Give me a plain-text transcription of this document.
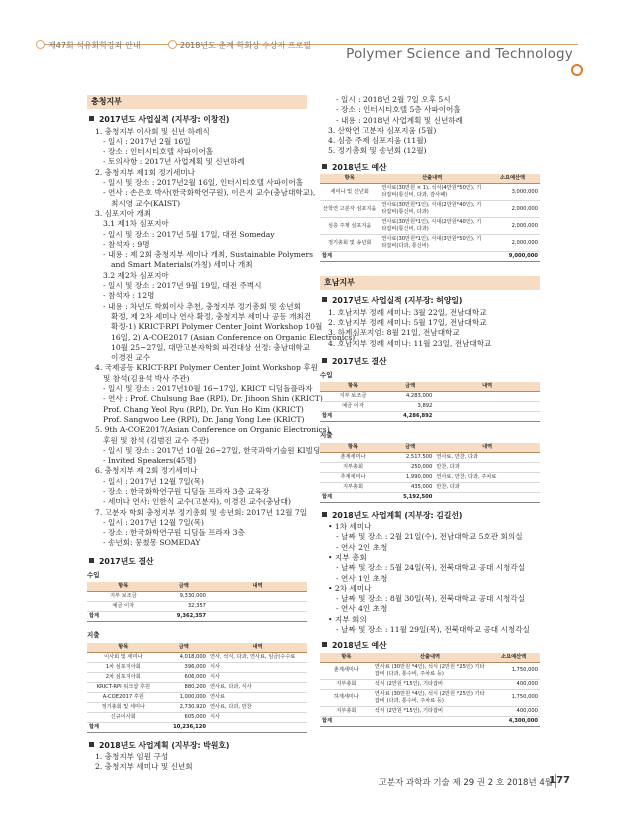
제47회 석유화학강좌 안내	2018년도 춘계 학회상 수상자 프로필
Polymer Science and Technology
충청지부
2017년도 사업실적 (지부장: 이창진)
1. 충청지부 이사회 및 신년 하례식
- 일시 : 2017년 2월 16일
- 장소 : 인터시티호텔 사파이어홀
- 토의사항 : 2017년 사업계획 및 신년하례
2. 충청지부 제1회 정기세미나
- 일시 및 장소 : 2017년2월 16일, 인터시티호텔 사파이어홀
- 연사 : 손은호 박사(한국화학연구원), 이은지 교수(충남대학교),
최시영 교수(KAIST)
3. 심포지아 개최
3.1 제1차 심포지아
- 일시 및 장소 : 2017년 5월 17일, 대전 Someday
- 참석자 : 9명
- 내용 : 제 2회 충청지부 세미나 개최, Sustainable Polymers
and Smart Materials(가칭) 세미나 개최
3.2 제2차 심포지아
- 일시 및 장소 : 2017년 9월 19일, 대전 주벽시
- 참석자 : 12명
- 내용 : 차년도 학회이사 추천, 충청지부 정기총회 및 송년회
확정, 제 2차 세미나 연사 확정, 충청지부 세미나 공동 개최건
확정-1) KRICT-RPI Polymer Center Joint Workshop 10월
16일, 2) A-COE2017 (Asian Conference on Organic Electronics)
10월 25~27일, 대만고분자학회 파견대상 선정: 충남대학교
이경진 교수
4. 국제공동 KRICT-RPI Polymer Center Joint Workshop 후원
및 참석(김용석 박사 주관)
- 일시 및 장소 : 2017년10월 16~17일, KRICT 디딤돌플라자
- 연사 : Prof. Chulsung Bae (RPI), Dr. Jihoon Shin (KRICT)
Prof. Chang Yeol Ryu (RPI), Dr. Yun Ho Kim (KRICT)
Prof. Sangwoo Lee (RPI), Dr. Jang Yong Lee (KRICT)
5. 9th A-COE2017(Asian Conference on Organic Electronics)
후원 및 참석 (김범진 교수 주관)
- 일시 및 장소 : 2017년 10월 26~27일, 한국과학기술원 KI빌딩
- Invited Speakers(45명)
6. 충청지부 제 2회 정기세미나
- 일시 : 2017년 12월 7일(목)
- 장소 : 한국화학연구원 디딤돌 프라자 3층 교육장
- 세미나 연사: 인한식 교수(고분자), 이경진 교수(충남대)
7. 고분자 학회 충청지부 정기총회 및 송년회: 2017년 12월 7일
- 일시 : 2017년 12월 7일(목)
- 장소 : 한국화학연구원 디딤돌 프라자 3층
- 송년회: 뭉쳤몽 SOMEDAY
2017년도 결산
수입
항목	금액	내역
지부 보조금	9,330,000	
예금 이자	32,357	
합계	9,362,357	
지출
항목	금액	내역
이사회 및 세미나	4,018,000	연사, 석식, 다과, 연사료, 임금(수수료
1차 심포지아회	396,000	식사
2차 심포지아회	606,000	식사
KRICT-RPI 워크샵 후원	880,200	연사료, 다과, 식사
A-COE2017 후원	1,000,000	연사료
정기총회 및 세미나	2,730,920	연사료, 다과, 만찬
신규이사회	605,000	식사
합계	10,236,120	
2018년도 사업계획 (지부장: 박원호)
1. 충청지부 임원 구성
2. 충청지부 세미나 및 신년회
- 일시 : 2018년 2월 7일 오후 5시
- 장소 : 인터시티호텔 5층 사파이어홀
- 내용 : 2018년 사업계획 및 신년하례
3. 산학연 고분자 심포지움 (5월)
4. 심층 주제 심포지움 (11월)
5. 정기총회 및 송년회 (12월)
2018년도 예산
항목	산출내역	소요예산액
세미나 및 신년회	연사료(30만원 × 1), 석식(4만원*50인), 기타잡비(통신비, 다과, 감사패)	3,000,000
산학연 고분자 심포지움	연사료(30만원*1인), 식대(2만원*40인), 기타잡비(통신비, 다과)	2,000,000
심층 주제 심포지움	연사료(30만원*1인), 식대(2만원*40인), 기타잡비(통신비, 다과)	2,000,000
정기총회 및 송년회	연사료(30만원*1인), 식대(3만원*50인), 기타잡비(다과, 통신비)	2,000,000
합계		9,000,000
호남지부
2017년도 사업실적 (지부장: 허양일)
1. 호남지부 정례 세미나: 3월 22일, 전남대학교
2. 호남지부 정례 세미나: 5월 17일, 전남대학교
3. 하계심포지엄: 8월 21일, 전남대학교
4. 호남지부 정례 세미나: 11월 23일, 전남대학교
2017년도 결산
수입
항목	금액	내역
지부 보조금	4,283,000	
예금 이자	3,892	
합계	4,286,892	
지출
항목	금액	내역
춘계세미나	2,517,500	연사료, 만찬, 다과
지부총회	250,000	만찬, 다과
추계세미나	1,990,000	연사료, 만찬, 다과, 주차료
지부총회	435,000	만찬, 다과
합계	5,192,500	
2018년도 사업계획 (지부장: 김길선)
• 1차 세미나
- 날짜 및 장소 : 2월 21일(수), 전남대학교 5호관 회의실
- 연사 2인 초청
• 지부 총회
- 날짜 및 장소 : 5월 24일(목), 전북대학교 공대 시청각실
- 연사 1인 초청
• 2차 세미나
- 날짜 및 장소 : 8월 30일(목), 전북대학교 공대 시청각실
- 연사 4인 초청
• 지부 회의
- 날짜 및 장소 : 11월 29일(목), 전북대학교 공대 시청각실
2018년도 예산
항목	산출내역	소요예산액
춘계세미나	연사료 (30만원 *4인), 석식 (2만원 *25인) 기타잡비 (다과, 통수비, 주차료 등)	1,750,000
지부총회	석식 (2만원 *15인), 기타잡비	400,000
하계세미나	연사료 (30만원 *4인), 석식 (2만원 *25인) 기타잡비 (다과, 통수비, 주차료 등)	1,750,000
지부총회	석식 (2만원 *15인), 기타잡비	400,000
합계		4,300,000
고분자 과학과 기술 제 29 권 2 호 2018년 4월
177
